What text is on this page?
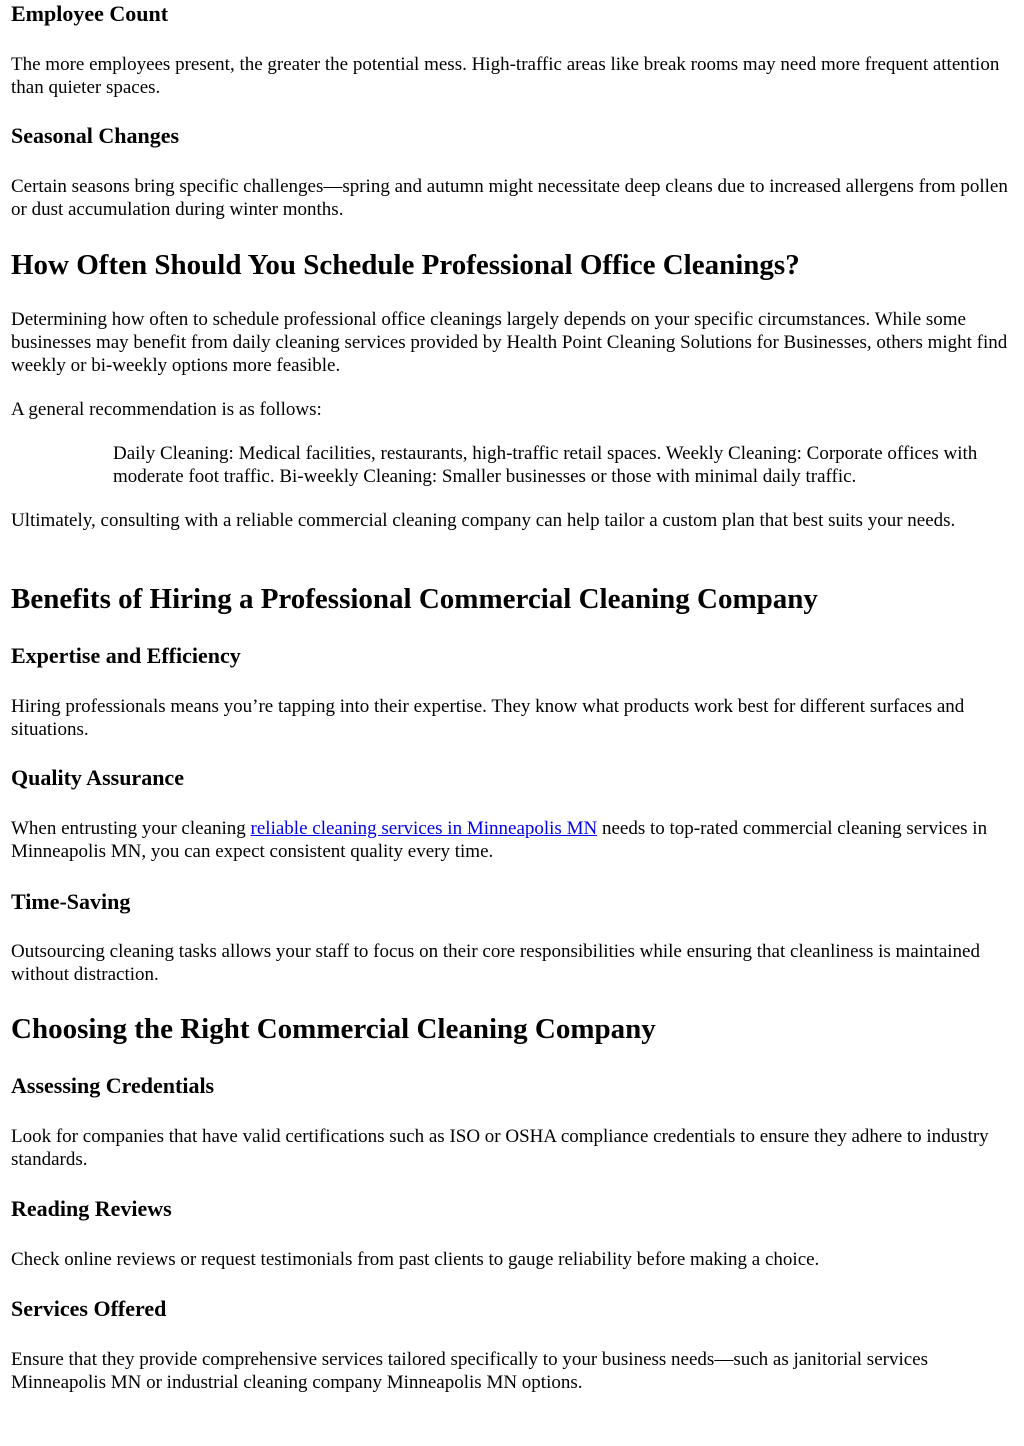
Employee Count

The more employees present, the greater the potential mess. High-traffic areas like break rooms may need more frequent attention than quieter spaces.

Seasonal Changes

Certain seasons bring specific challenges—spring and autumn might necessitate deep cleans due to increased allergens from pollen or dust accumulation during winter months.

How Often Should You Schedule Professional Office Cleanings?

Determining how often to schedule professional office cleanings largely depends on your specific circumstances. While some businesses may benefit from daily cleaning services provided by Health Point Cleaning Solutions for Businesses, others might find weekly or bi-weekly options more feasible.

A general recommendation is as follows:

Daily Cleaning: Medical facilities, restaurants, high-traffic retail spaces. Weekly Cleaning: Corporate offices with moderate foot traffic. Bi-weekly Cleaning: Smaller businesses or those with minimal daily traffic.

Ultimately, consulting with a reliable commercial cleaning company can help tailor a custom plan that best suits your needs.

Benefits of Hiring a Professional Commercial Cleaning Company
Expertise and Efficiency

Hiring professionals means you’re tapping into their expertise. They know what products work best for different surfaces and situations.

Quality Assurance

When entrusting your cleaning reliable cleaning services in Minneapolis MN needs to top-rated commercial cleaning services in Minneapolis MN, you can expect consistent quality every time.

Time-Saving

Outsourcing cleaning tasks allows your staff to focus on their core responsibilities while ensuring that cleanliness is maintained without distraction.

Choosing the Right Commercial Cleaning Company
Assessing Credentials

Look for companies that have valid certifications such as ISO or OSHA compliance credentials to ensure they adhere to industry standards.

Reading Reviews

Check online reviews or request testimonials from past clients to gauge reliability before making a choice.

Services Offered

Ensure that they provide comprehensive services tailored specifically to your business needs—such as janitorial services Minneapolis MN or industrial cleaning company Minneapolis MN options.
